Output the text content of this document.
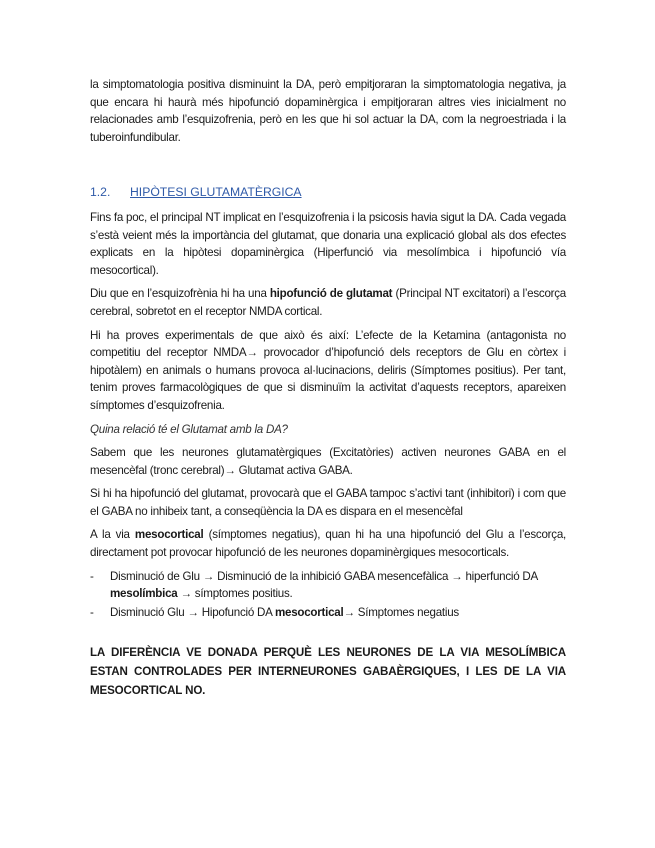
la simptomatologia positiva disminuint la DA, però empitjoraran la simptomatologia negativa, ja que encara hi haurà més hipofunció dopaminèrgica i empitjoraran altres vies inicialment no relacionades amb l’esquizofrenia, però en les que hi sol actuar la DA, com la negroestriada i la tuberoinfundibular.

1.2. HIPÒTESI GLUTAMATÈRGICA

Fins fa poc, el principal NT implicat en l’esquizofrenia i la psicosis havia sigut la DA. Cada vegada s’està veient més la importància del glutamat, que donaria una explicació global als dos efectes explicats en la hipòtesi dopaminèrgica (Hiperfunció via mesolímbica i hipofunció vía mesocortical).

Diu que en l’esquizofrènia hi ha una hipofunció de glutamat (Principal NT excitatori) a l’escorça cerebral, sobretot en el receptor NMDA cortical.

Hi ha proves experimentals de que això és així: L’efecte de la Ketamina (antagonista no competitiu del receptor NMDA→ provocador d’hipofunció dels receptors de Glu en còrtex i hipotàlem) en animals o humans provoca al·lucinacions, deliris (Símptomes positius). Per tant, tenim proves farmacològiques de que si disminuïm la activitat d’aquests receptors, apareixen símptomes d’esquizofrenia.

Quina relació té el Glutamat amb la DA?

Sabem que les neurones glutamatèrgiques (Excitatòries) activen neurones GABA en el mesencèfal (tronc cerebral)→ Glutamat activa GABA.

Si hi ha hipofunció del glutamat, provocarà que el GABA tampoc s’activi tant (inhibitori) i com que el GABA no inhibeix tant, a conseqüència la DA es dispara en el mesencèfal

A la via mesocortical (símptomes negatius), quan hi ha una hipofunció del Glu a l’escorça, directament pot provocar hipofunció de les neurones dopaminèrgiques mesocorticals.

- Disminució de Glu → Disminució de la inhibició GABA mesencefàlica → hiperfunció DA mesolímbica → símptomes positius.
- Disminució Glu → Hipofunció DA mesocortical→ Símptomes negatius

LA DIFERÈNCIA VE DONADA PERQUÈ LES NEURONES DE LA VIA MESOLÍMBICA ESTAN CONTROLADES PER INTERNEURONES GABAÈRGIQUES, I LES DE LA VIA MESOCORTICAL NO.
